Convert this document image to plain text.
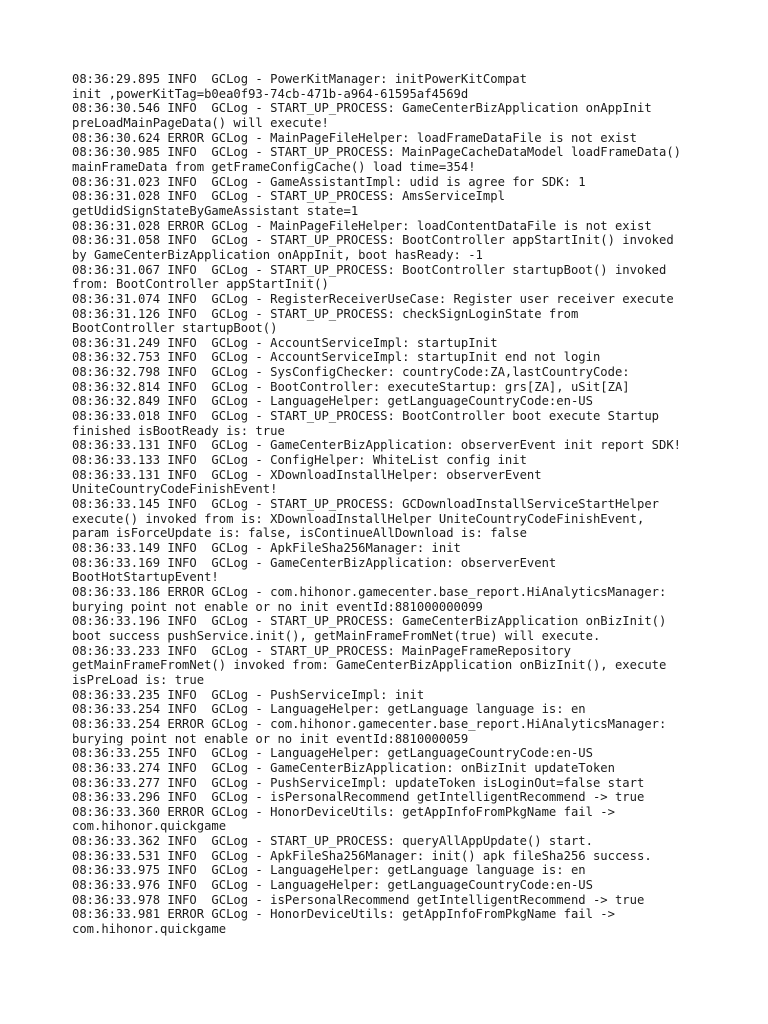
08:36:29.895 INFO  GCLog - PowerKitManager: initPowerKitCompat
init ,powerKitTag=b0ea0f93-74cb-471b-a964-61595af4569d
08:36:30.546 INFO  GCLog - START_UP_PROCESS: GameCenterBizApplication onAppInit
preLoadMainPageData() will execute!
08:36:30.624 ERROR GCLog - MainPageFileHelper: loadFrameDataFile is not exist
08:36:30.985 INFO  GCLog - START_UP_PROCESS: MainPageCacheDataModel loadFrameData()
mainFrameData from getFrameConfigCache() load time=354!
08:36:31.023 INFO  GCLog - GameAssistantImpl: udid is agree for SDK: 1
08:36:31.028 INFO  GCLog - START_UP_PROCESS: AmsServiceImpl
getUdidSignStateByGameAssistant state=1
08:36:31.028 ERROR GCLog - MainPageFileHelper: loadContentDataFile is not exist
08:36:31.058 INFO  GCLog - START_UP_PROCESS: BootController appStartInit() invoked
by GameCenterBizApplication onAppInit, boot hasReady: -1
08:36:31.067 INFO  GCLog - START_UP_PROCESS: BootController startupBoot() invoked
from: BootController appStartInit()
08:36:31.074 INFO  GCLog - RegisterReceiverUseCase: Register user receiver execute
08:36:31.126 INFO  GCLog - START_UP_PROCESS: checkSignLoginState from
BootController startupBoot()
08:36:31.249 INFO  GCLog - AccountServiceImpl: startupInit
08:36:32.753 INFO  GCLog - AccountServiceImpl: startupInit end not login
08:36:32.798 INFO  GCLog - SysConfigChecker: countryCode:ZA,lastCountryCode:
08:36:32.814 INFO  GCLog - BootController: executeStartup: grs[ZA], uSit[ZA]
08:36:32.849 INFO  GCLog - LanguageHelper: getLanguageCountryCode:en-US
08:36:33.018 INFO  GCLog - START_UP_PROCESS: BootController boot execute Startup
finished isBootReady is: true
08:36:33.131 INFO  GCLog - GameCenterBizApplication: observerEvent init report SDK!
08:36:33.133 INFO  GCLog - ConfigHelper: WhiteList config init
08:36:33.131 INFO  GCLog - XDownloadInstallHelper: observerEvent
UniteCountryCodeFinishEvent!
08:36:33.145 INFO  GCLog - START_UP_PROCESS: GCDownloadInstallServiceStartHelper
execute() invoked from is: XDownloadInstallHelper UniteCountryCodeFinishEvent,
param isForceUpdate is: false, isContinueAllDownload is: false
08:36:33.149 INFO  GCLog - ApkFileSha256Manager: init
08:36:33.169 INFO  GCLog - GameCenterBizApplication: observerEvent
BootHotStartupEvent!
08:36:33.186 ERROR GCLog - com.hihonor.gamecenter.base_report.HiAnalyticsManager:
burying point not enable or no init eventId:881000000099
08:36:33.196 INFO  GCLog - START_UP_PROCESS: GameCenterBizApplication onBizInit()
boot success pushService.init(), getMainFrameFromNet(true) will execute.
08:36:33.233 INFO  GCLog - START_UP_PROCESS: MainPageFrameRepository
getMainFrameFromNet() invoked from: GameCenterBizApplication onBizInit(), execute
isPreLoad is: true
08:36:33.235 INFO  GCLog - PushServiceImpl: init
08:36:33.254 INFO  GCLog - LanguageHelper: getLanguage language is: en
08:36:33.254 ERROR GCLog - com.hihonor.gamecenter.base_report.HiAnalyticsManager:
burying point not enable or no init eventId:8810000059
08:36:33.255 INFO  GCLog - LanguageHelper: getLanguageCountryCode:en-US
08:36:33.274 INFO  GCLog - GameCenterBizApplication: onBizInit updateToken
08:36:33.277 INFO  GCLog - PushServiceImpl: updateToken isLoginOut=false start
08:36:33.296 INFO  GCLog - isPersonalRecommend getIntelligentRecommend -> true
08:36:33.360 ERROR GCLog - HonorDeviceUtils: getAppInfoFromPkgName fail ->
com.hihonor.quickgame
08:36:33.362 INFO  GCLog - START_UP_PROCESS: queryAllAppUpdate() start.
08:36:33.531 INFO  GCLog - ApkFileSha256Manager: init() apk fileSha256 success.
08:36:33.975 INFO  GCLog - LanguageHelper: getLanguage language is: en
08:36:33.976 INFO  GCLog - LanguageHelper: getLanguageCountryCode:en-US
08:36:33.978 INFO  GCLog - isPersonalRecommend getIntelligentRecommend -> true
08:36:33.981 ERROR GCLog - HonorDeviceUtils: getAppInfoFromPkgName fail ->
com.hihonor.quickgame
